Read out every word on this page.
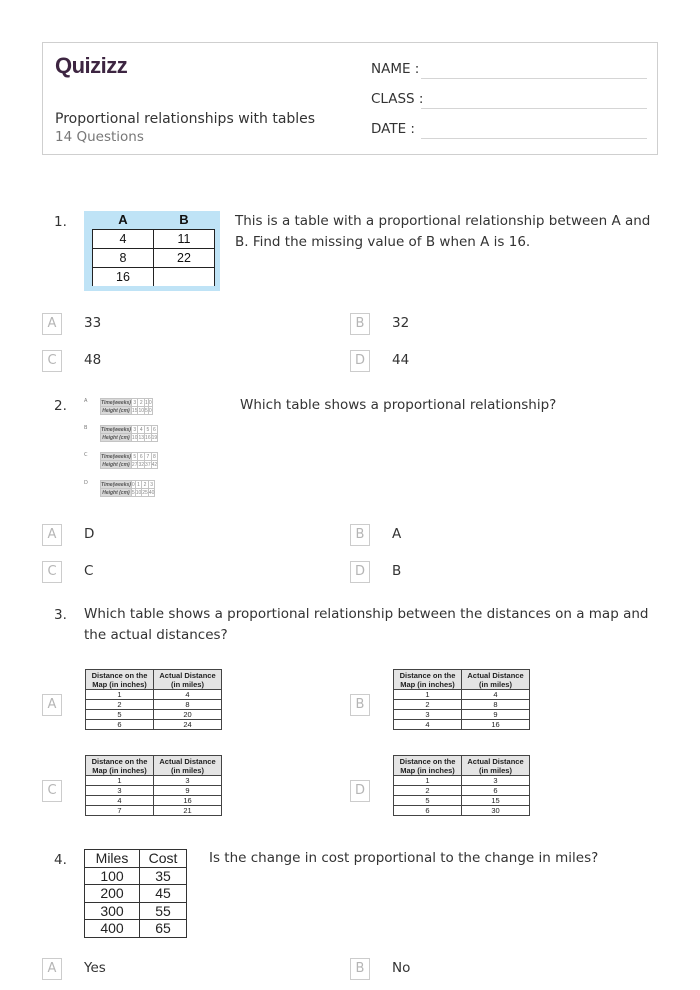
Quizizz
Proportional relationships with tables
14 Questions
NAME :
CLASS :
DATE :
1.	A	B
4	11
8	22
16	
This is a table with a proportional relationship between A and B. Find the missing value of B when A is 16.
A	33	B	32
C	48	D	44
2.	A	Time(weeks)	3	2	1	0
Height (cm)	15	10	5	0
B	Time(weeks)	3	4	5	6
Height (cm)	10	13	16	19
C	Time(weeks)	5	6	7	8
Height (cm)	27	32	37	42
D	Time(weeks)	0	1	2	3
Height (cm)	5	10	25	40
Which table shows a proportional relationship?
A	D	B	A
C	C	D	B
3. Which table shows a proportional relationship between the distances on a map and the actual distances?
A
Distance on the Map (in inches)	Actual Distance (in miles)
1	4
2	8
5	20
6	24
B
Distance on the Map (in inches)	Actual Distance (in miles)
1	4
2	8
3	9
4	16
C
Distance on the Map (in inches)	Actual Distance (in miles)
1	3
3	9
4	16
7	21
D
Distance on the Map (in inches)	Actual Distance (in miles)
1	3
2	6
5	15
6	30
4. Miles	Cost
100	35
200	45
300	55
400	65
Is the change in cost proportional to the change in miles?
A	Yes	B	No
